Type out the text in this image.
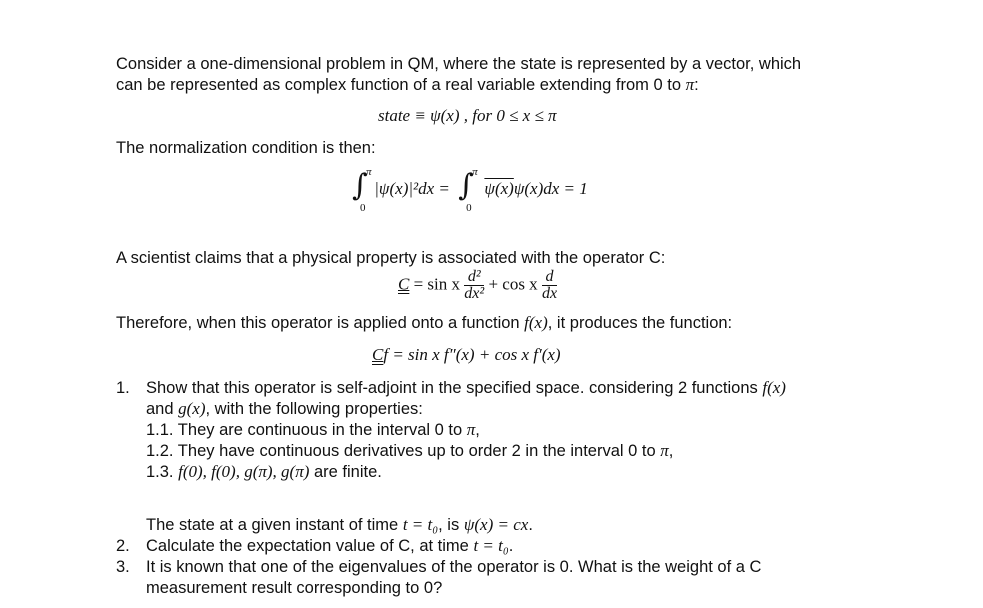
Consider a one-dimensional problem in QM, where the state is represented by a vector, which
can be represented as complex function of a real variable extending from 0 to π:
state ≡ ψ(x) , for 0 ≤ x ≤ π
The normalization condition is then:
∫
π
0
|ψ(x)|²dx = ∫
π
0
ψ(x)ψ(x)dx = 1
A scientist claims that a physical property is associated with the operator C:
C = sin x $\frac{\text{d²}}{\text{dx²}} + \cos x \frac{d}{dx}$
Therefore, when this operator is applied onto a function f(x), it produces the function:
Cf = sin x f″(x) + cos x f′(x)
1. Show that this operator is self-adjoint in the specified space. considering 2 functions f(x)
and g(x), with the following properties:
1.1. They are continuous in the interval 0 to π,
1.2. They have continuous derivatives up to order 2 in the interval 0 to π,
1.3. f(0), f(0), g(π), g(π) are finite.
The state at a given instant of time t = t₀, is ψ(x) = cx.
2. Calculate the expectation value of C, at time t = t₀.
3. It is known that one of the eigenvalues of the operator is 0. What is the weight of a C
measurement result corresponding to 0?
